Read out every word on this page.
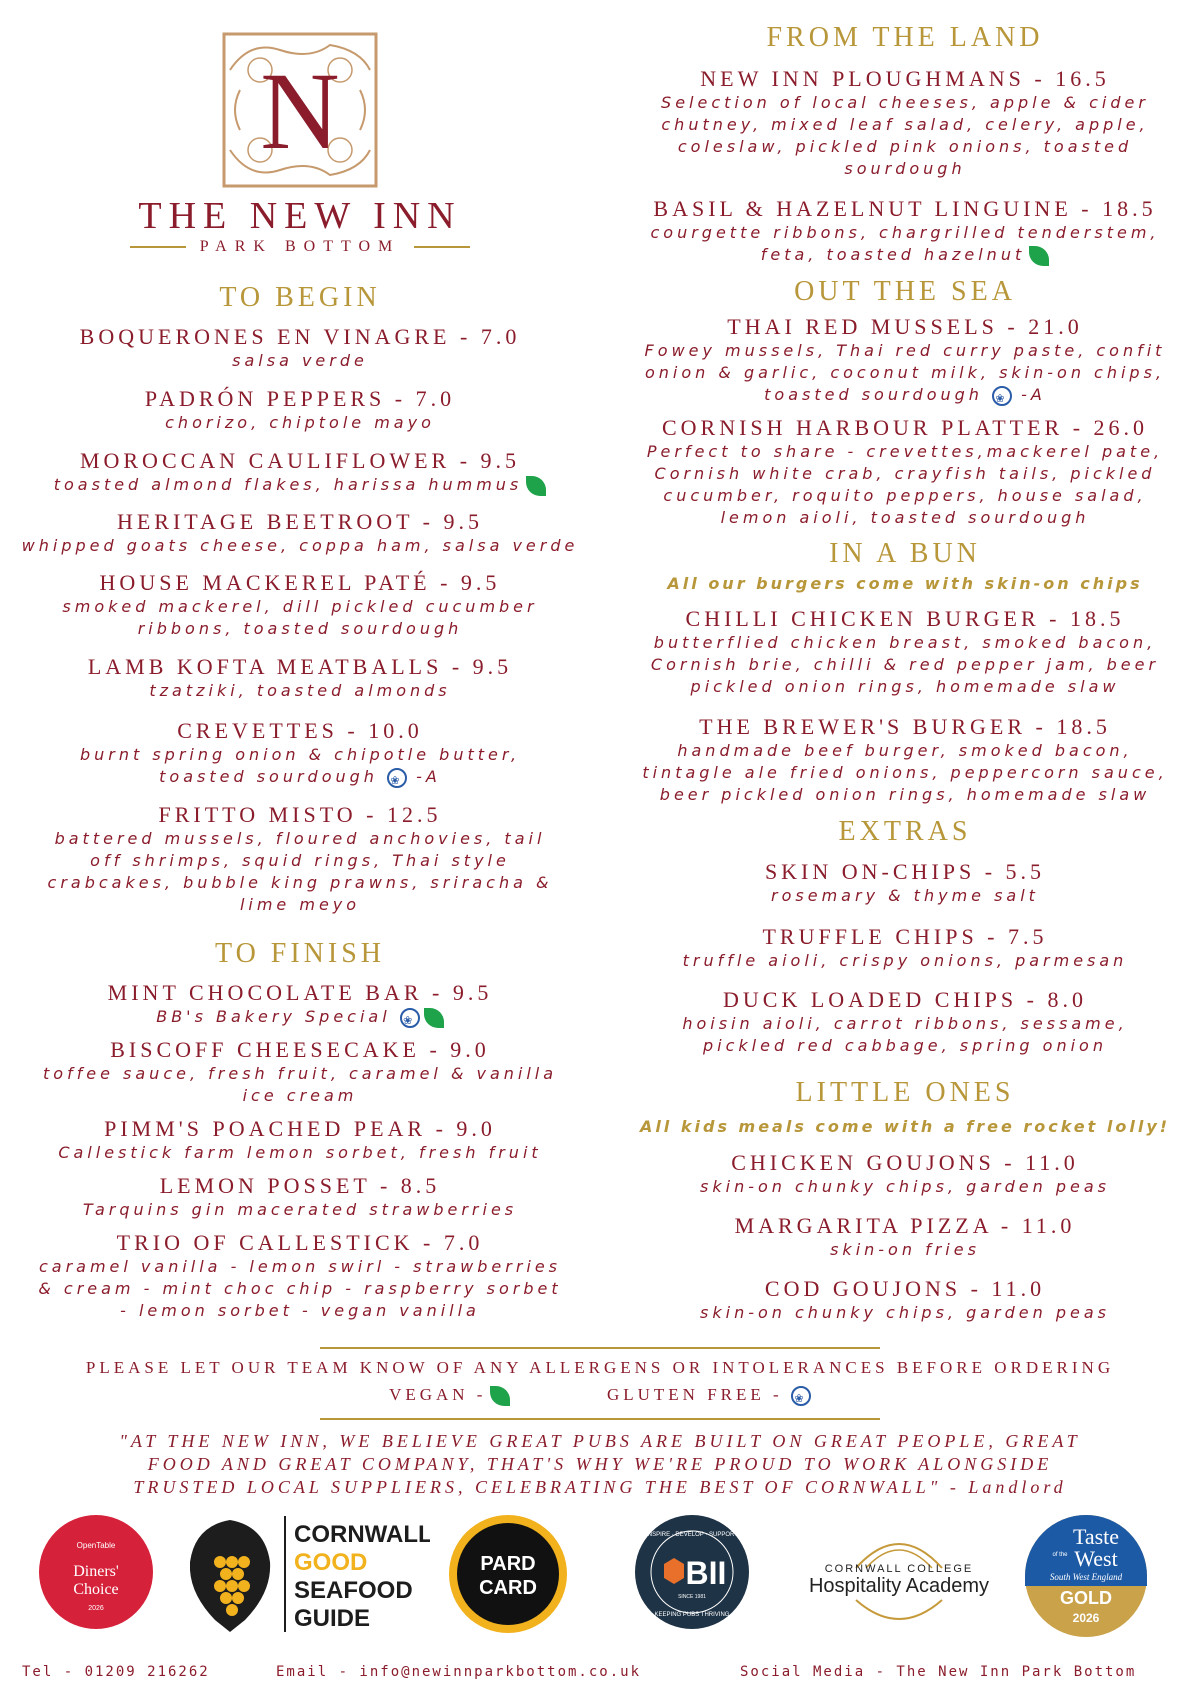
N
THE NEW INN
PARK BOTTOM
TO BEGIN
BOQUERONES EN VINAGRE - 7.0
salsa verde
PADRÓN PEPPERS - 7.0
chorizo, chiptole mayo
MOROCCAN CAULIFLOWER - 9.5
toasted almond flakes, harissa hummus
HERITAGE BEETROOT - 9.5
whipped goats cheese, coppa ham, salsa verde
HOUSE MACKEREL PATÉ - 9.5
smoked mackerel, dill pickled cucumber
ribbons, toasted sourdough
LAMB KOFTA MEATBALLS - 9.5
tzatziki, toasted almonds
CREVETTES - 10.0
burnt spring onion & chipotle butter,
toasted sourdough ❀ -A
FRITTO MISTO - 12.5
battered mussels, floured anchovies, tail
off shrimps, squid rings, Thai style
crabcakes, bubble king prawns, sriracha &
lime meyo
TO FINISH
MINT CHOCOLATE BAR - 9.5
BB's Bakery Special ❀
BISCOFF CHEESECAKE - 9.0
toffee sauce, fresh fruit, caramel & vanilla
ice cream
PIMM'S POACHED PEAR - 9.0
Callestick farm lemon sorbet, fresh fruit
LEMON POSSET - 8.5
Tarquins gin macerated strawberries
TRIO OF CALLESTICK - 7.0
caramel vanilla - lemon swirl - strawberries
& cream - mint choc chip - raspberry sorbet
- lemon sorbet - vegan vanilla
FROM THE LAND
NEW INN PLOUGHMANS - 16.5
Selection of local cheeses, apple & cider
chutney, mixed leaf salad, celery, apple,
coleslaw, pickled pink onions, toasted
sourdough
BASIL & HAZELNUT LINGUINE - 18.5
courgette ribbons, chargrilled tenderstem,
feta, toasted hazelnut
OUT THE SEA
THAI RED MUSSELS - 21.0
Fowey mussels, Thai red curry paste, confit
onion & garlic, coconut milk, skin-on chips,
toasted sourdough ❀ -A
CORNISH HARBOUR PLATTER - 26.0
Perfect to share - crevettes,mackerel pate,
Cornish white crab, crayfish tails, pickled
cucumber, roquito peppers, house salad,
lemon aioli, toasted sourdough
IN A BUN
All our burgers come with skin-on chips
CHILLI CHICKEN BURGER - 18.5
butterflied chicken breast, smoked bacon,
Cornish brie, chilli & red pepper jam, beer
pickled onion rings, homemade slaw
THE BREWER'S BURGER - 18.5
handmade beef burger, smoked bacon,
tintagle ale fried onions, peppercorn sauce,
beer pickled onion rings, homemade slaw
EXTRAS
SKIN ON-CHIPS - 5.5
rosemary & thyme salt
TRUFFLE CHIPS - 7.5
truffle aioli, crispy onions, parmesan
DUCK LOADED CHIPS - 8.0
hoisin aioli, carrot ribbons, sessame,
pickled red cabbage, spring onion
LITTLE ONES
All kids meals come with a free rocket lolly!
CHICKEN GOUJONS - 11.0
skin-on chunky chips, garden peas
MARGARITA PIZZA - 11.0
skin-on fries
COD GOUJONS - 11.0
skin-on chunky chips, garden peas
PLEASE LET OUR TEAM KNOW OF ANY ALLERGENS OR INTOLERANCES BEFORE ORDERING
VEGAN -	GLUTEN FREE - ❀
"AT THE NEW INN, WE BELIEVE GREAT PUBS ARE BUILT ON GREAT PEOPLE, GREAT
FOOD AND GREAT COMPANY, THAT'S WHY WE'RE PROUD TO WORK ALONGSIDE
TRUSTED LOCAL SUPPLIERS, CELEBRATING THE BEST OF CORNWALL" - Landlord
OpenTable
Diners'
Choice
2026
CORNWALL
GOOD
SEAFOOD
GUIDE
PARD
CARD
INSPIRE · DEVELOP · SUPPORT
BII
SINCE 1981
KEEPING PUBS THRIVING
CORNWALL COLLEGE
Hospitality Academy
Taste
of the West
South West England
GOLD
2026
Tel - 01209 216262	Email - info@newinnparkbottom.co.uk	Social Media - The New Inn Park Bottom
